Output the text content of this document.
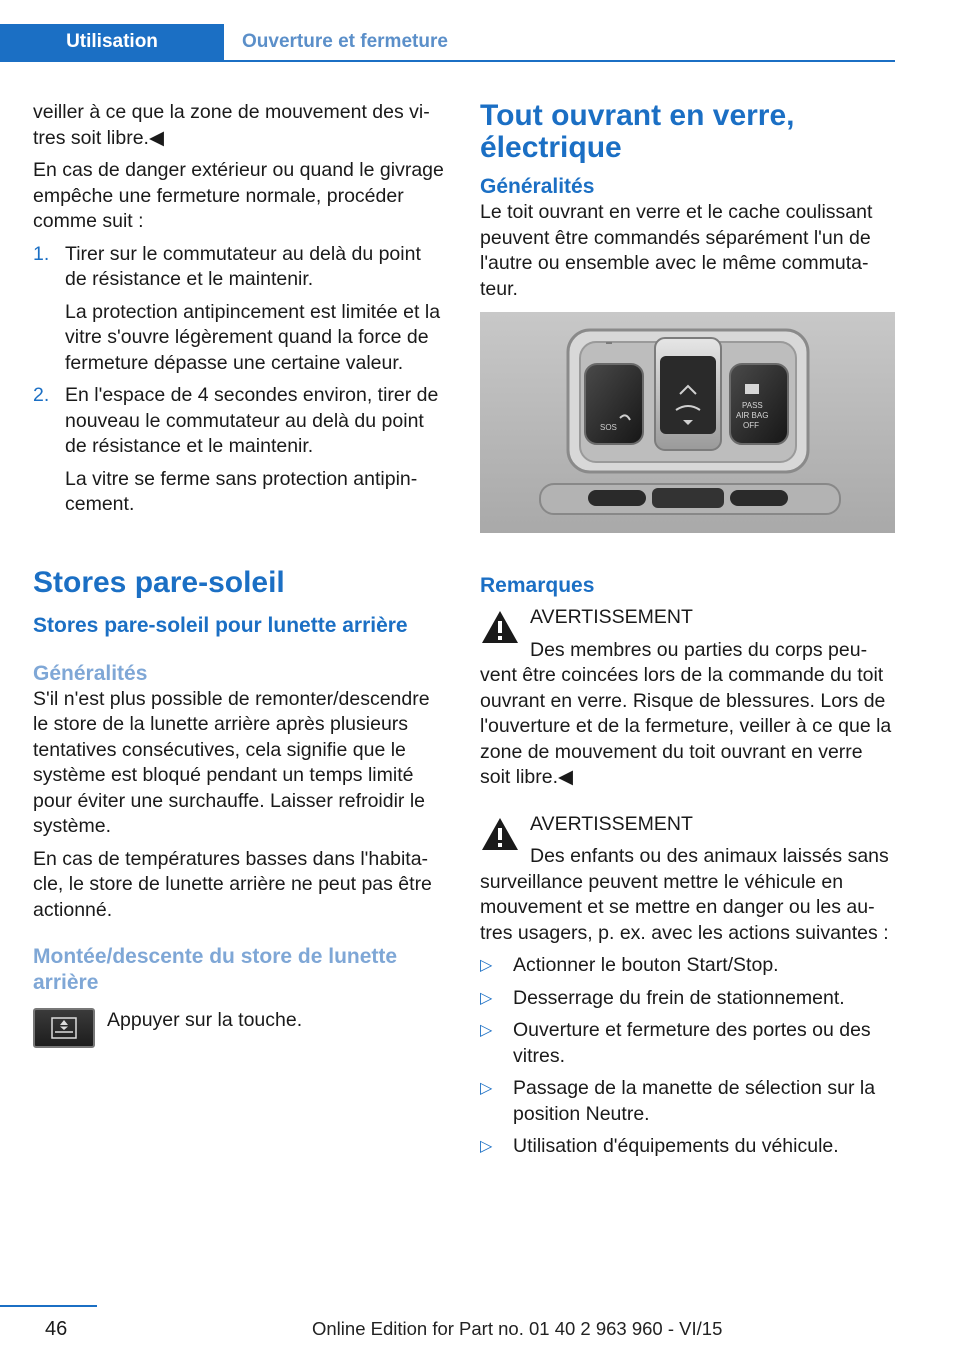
Utilisation	Ouverture et fermeture

veiller à ce que la zone de mouvement des vitres soit libre.◀

En cas de danger extérieur ou quand le givrage empêche une fermeture normale, procéder comme suit :

1. Tirer sur le commutateur au delà du point de résistance et le maintenir.

La protection antipincement est limitée et la vitre s'ouvre légèrement quand la force de fermeture dépasse une certaine valeur.

2. En l'espace de 4 secondes environ, tirer de nouveau le commutateur au delà du point de résistance et le maintenir.

La vitre se ferme sans protection antipincement.

Stores pare-soleil
Stores pare-soleil pour lunette arrière
Généralités

S'il n'est plus possible de remonter/descendre le store de la lunette arrière après plusieurs tentatives consécutives, cela signifie que le système est bloqué pendant un temps limité pour éviter une surchauffe. Laisser refroidir le système.

En cas de températures basses dans l'habitacle, le store de lunette arrière ne peut pas être actionné.

Montée/descente du store de lunette arrière
Appuyer sur la touche.
Tout ouvrant en verre, électrique
Généralités

Le toit ouvrant en verre et le cache coulissant peuvent être commandés séparément l'un de l'autre ou ensemble avec le même commutateur.

SOS
PASS
AIR BAG
OFF
Remarques

AVERTISSEMENT

Des membres ou parties du corps peuvent être coincées lors de la commande du toit ouvrant en verre. Risque de blessures. Lors de l'ouverture et de la fermeture, veiller à ce que la zone de mouvement du toit ouvrant en verre soit libre.◀

AVERTISSEMENT

Des enfants ou des animaux laissés sans surveillance peuvent mettre le véhicule en mouvement et se mettre en danger ou les autres usagers, p. ex. avec les actions suivantes :

▷ Actionner le bouton Start/Stop.
▷ Desserrage du frein de stationnement.
▷ Ouverture et fermeture des portes ou des vitres.
▷ Passage de la manette de sélection sur la position Neutre.
▷ Utilisation d'équipements du véhicule.
46	Online Edition for Part no. 01 40 2 963 960 - VI/15
